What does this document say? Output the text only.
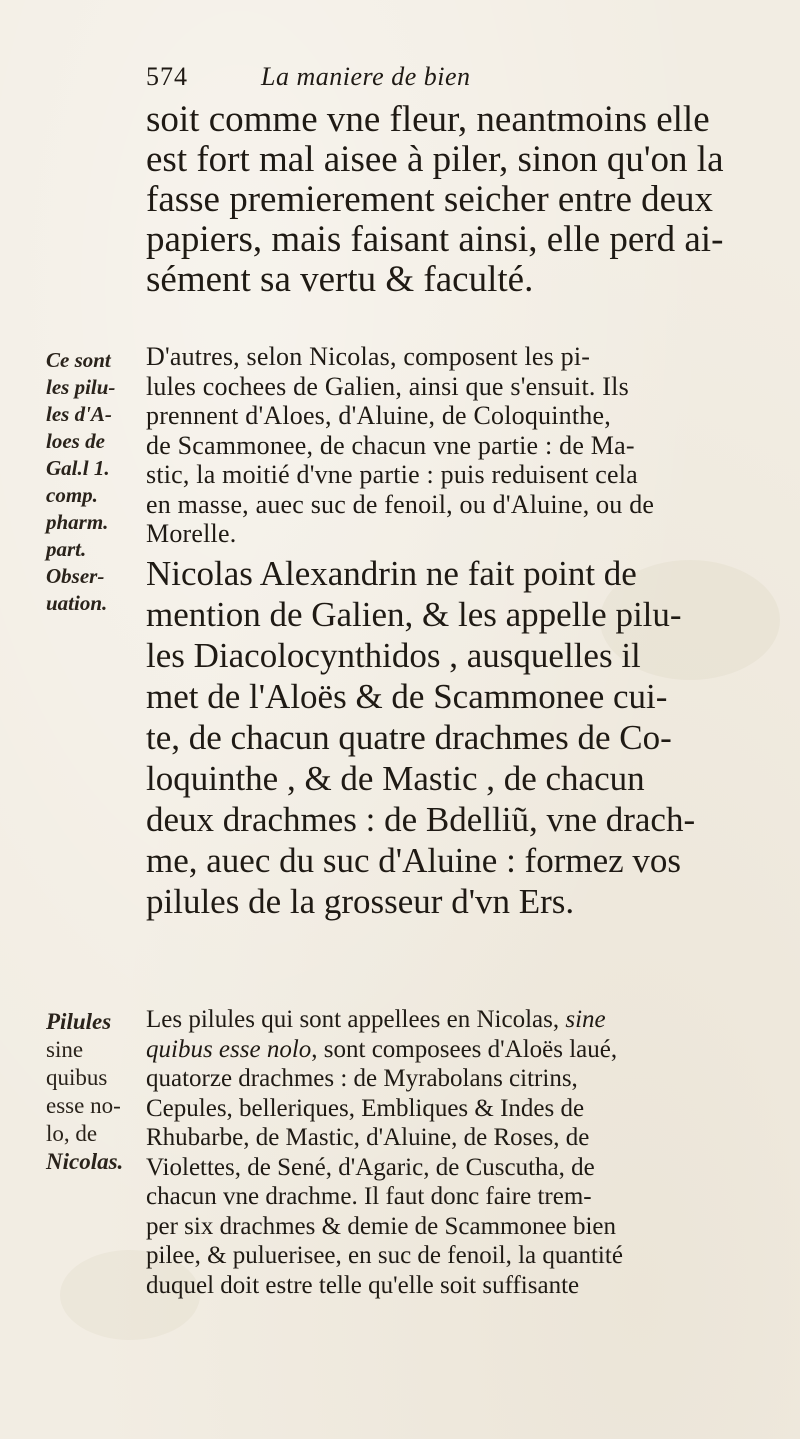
574	La maniere de bien

soit comme vne fleur, neantmoins elle
est fort mal aisee à piler, sinon qu'on la
fasse premierement seicher entre deux
papiers, mais faisant ainsi, elle perd ai-
sément sa vertu & faculté.

Ce sont
les pilu-
les d'A-
loes de
Gal.l 1.
comp.
pharm.
part.
Obser-
uation.

D'autres, selon Nicolas, composent les pi-
lules cochees de Galien, ainsi que s'ensuit. Ils
prennent d'Aloes, d'Aluine, de Coloquinthe,
de Scammonee, de chacun vne partie : de Ma-
stic, la moitié d'vne partie : puis reduisent cela
en masse, auec suc de fenoil, ou d'Aluine, ou de
Morelle.

Nicolas Alexandrin ne fait point de
mention de Galien, & les appelle pilu-
les Diacolocynthidos , ausquelles il
met de l'Aloës & de Scammonee cui-
te, de chacun quatre drachmes de Co-
loquinthe , & de Mastic , de chacun
deux drachmes : de Bdelliũ, vne drach-
me, auec du suc d'Aluine : formez vos
pilules de la grosseur d'vn Ers.

Pilules
sine
quibus
esse no-
lo, de
Nicolas.

Les pilules qui sont appellees en Nicolas, sine
quibus esse nolo, sont composees d'Aloës laué,
quatorze drachmes : de Myrabolans citrins,
Cepules, belleriques, Embliques & Indes de
Rhubarbe, de Mastic, d'Aluine, de Roses, de
Violettes, de Sené, d'Agaric, de Cuscutha, de
chacun vne drachme. Il faut donc faire trem-
per six drachmes & demie de Scammonee bien
pilee, & puluerisee, en suc de fenoil, la quantité
duquel doit estre telle qu'elle soit suffisante
